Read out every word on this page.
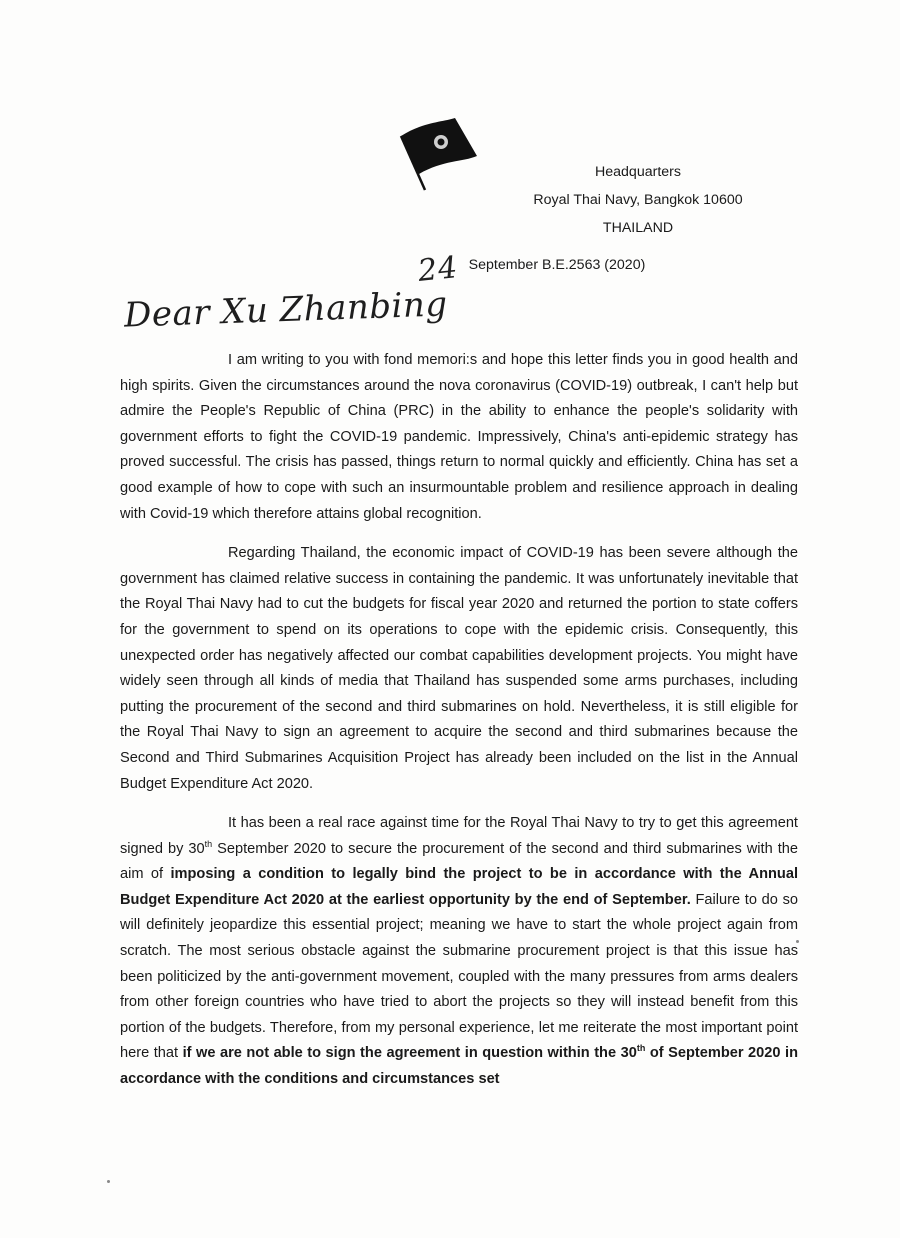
Headquarters
Royal Thai Navy, Bangkok 10600
THAILAND
24 September B.E.2563 (2020)
Dear Xu Zhanbing

I am writing to you with fond memori:s and hope this letter finds you in good health and high spirits. Given the circumstances around the nova coronavirus (COVID-19) outbreak, I can't help but admire the People's Republic of China (PRC) in the ability to enhance the people's solidarity with government efforts to fight the COVID-19 pandemic. Impressively, China's anti-epidemic strategy has proved successful. The crisis has passed, things return to normal quickly and efficiently. China has set a good example of how to cope with such an insurmountable problem and resilience approach in dealing with Covid-19 which therefore attains global recognition.

Regarding Thailand, the economic impact of COVID-19 has been severe although the government has claimed relative success in containing the pandemic. It was unfortunately inevitable that the Royal Thai Navy had to cut the budgets for fiscal year 2020 and returned the portion to state coffers for the government to spend on its operations to cope with the epidemic crisis. Consequently, this unexpected order has negatively affected our combat capabilities development projects. You might have widely seen through all kinds of media that Thailand has suspended some arms purchases, including putting the procurement of the second and third submarines on hold. Nevertheless, it is still eligible for the Royal Thai Navy to sign an agreement to acquire the second and third submarines because the Second and Third Submarines Acquisition Project has already been included on the list in the Annual Budget Expenditure Act 2020.

It has been a real race against time for the Royal Thai Navy to try to get this agreement signed by 30th September 2020 to secure the procurement of the second and third submarines with the aim of imposing a condition to legally bind the project to be in accordance with the Annual Budget Expenditure Act 2020 at the earliest opportunity by the end of September. Failure to do so will definitely jeopardize this essential project; meaning we have to start the whole project again from scratch. The most serious obstacle against the submarine procurement project is that this issue has been politicized by the anti-government movement, coupled with the many pressures from arms dealers from other foreign countries who have tried to abort the projects so they will instead benefit from this portion of the budgets. Therefore, from my personal experience, let me reiterate the most important point here that if we are not able to sign the agreement in question within the 30th of September 2020 in accordance with the conditions and circumstances set
